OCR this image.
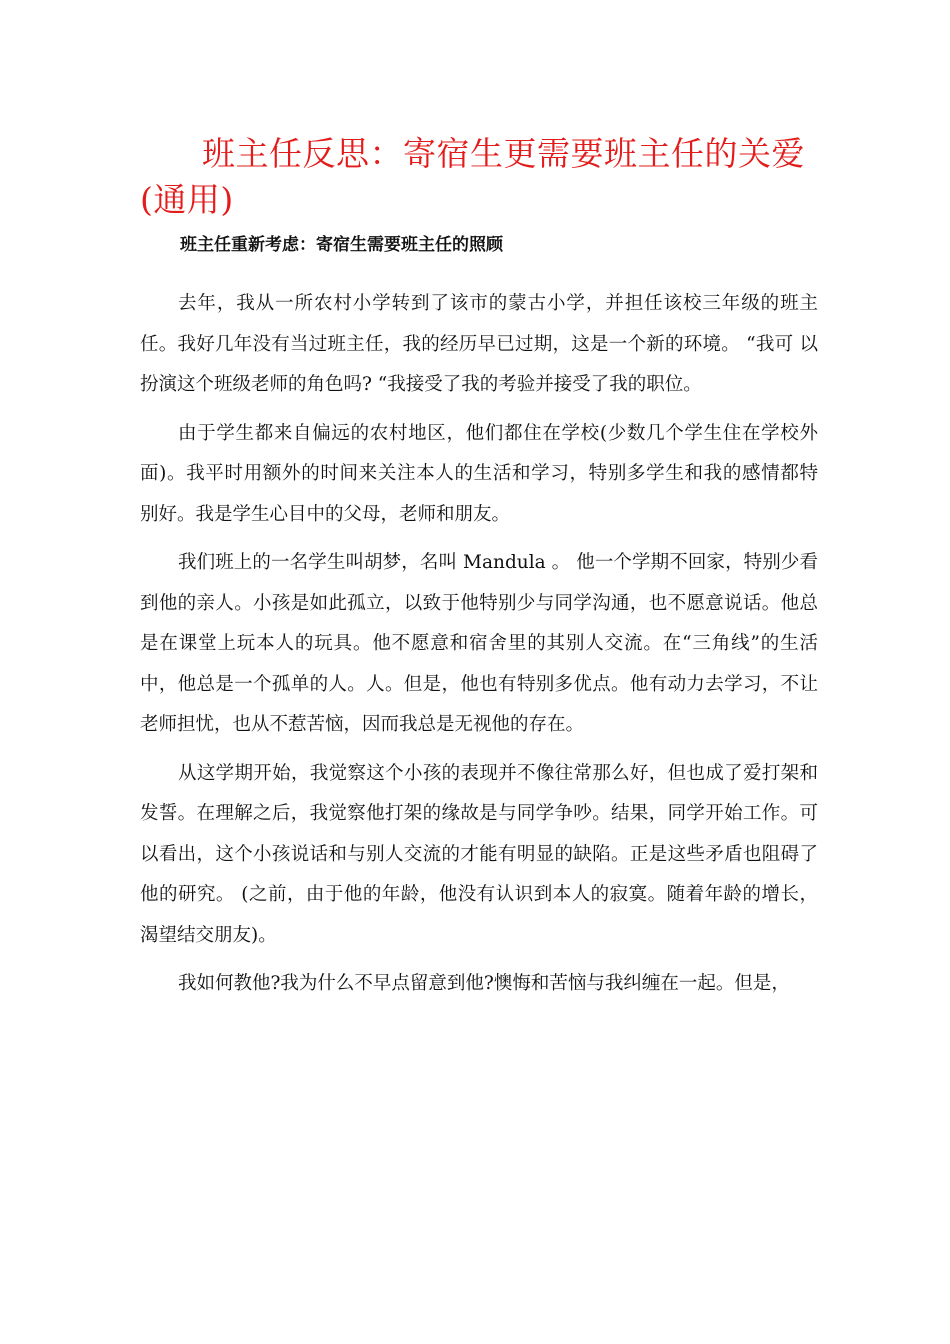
班主任反思：寄宿生更需要班主任的关爱(通用)
班主任重新考虑：寄宿生需要班主任的照顾

去年，我从一所农村小学转到了该市的蒙古小学，并担任该校三年级的班主任。我好几年没有当过班主任，我的经历早已过期，这是一个新的环境。 “我可 以扮演这个班级老师的角色吗? “我接受了我的考验并接受了我的职位。

由于学生都来自偏远的农村地区，他们都住在学校(少数几个学生住在学校外面)。我平时用额外的时间来关注本人的生活和学习，特别多学生和我的感情都特 别好。我是学生心目中的父母，老师和朋友。

我们班上的一名学生叫胡梦，名叫 Mandula 。 他一个学期不回家，特别少看 到他的亲人。小孩是如此孤立，以致于他特别少与同学沟通，也不愿意说话。他总 是在课堂上玩本人的玩具。他不愿意和宿舍里的其别人交流。在“三角线”的生活 中，他总是一个孤单的人。人。但是，他也有特别多优点。他有动力去学习，不让 老师担忧，也从不惹苦恼，因而我总是无视他的存在。

从这学期开始，我觉察这个小孩的表现并不像往常那么好，但也成了爱打架和发誓。在理解之后，我觉察他打架的缘故是与同学争吵。结果，同学开始工作。可以看出，这个小孩说话和与别人交流的才能有明显的缺陷。正是这些矛盾也阻碍了他的研究。 (之前，由于他的年龄，他没有认识到本人的寂寞。随着年龄的增长， 渴望结交朋友)。

我如何教他?我为什么不早点留意到他?懊悔和苦恼与我纠缠在一起。但是，
